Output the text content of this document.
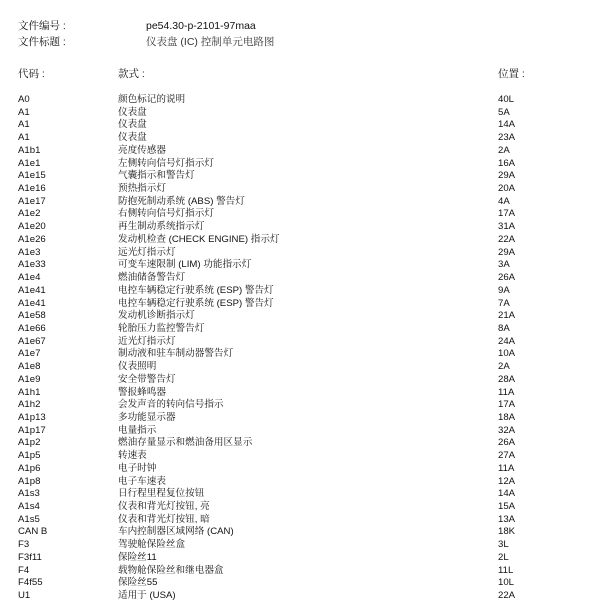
文件编号 :	pe54.30-p-2101-97maa
文件标题 :	仪表盘 (IC) 控制单元电路图
代码 :	款式 :	位置 :
A0	颜色标记的说明	40L
A1	仪表盘	5A
A1	仪表盘	14A
A1	仪表盘	23A
A1b1	亮度传感器	2A
A1e1	左侧转向信号灯指示灯	16A
A1e15	气囊指示和警告灯	29A
A1e16	预热指示灯	20A
A1e17	防抱死制动系统 (ABS) 警告灯	4A
A1e2	右侧转向信号灯指示灯	17A
A1e20	再生制动系统指示灯	31A
A1e26	发动机检查 (CHECK ENGINE) 指示灯	22A
A1e3	远光灯指示灯	29A
A1e33	可变车速限制 (LIM) 功能指示灯	3A
A1e4	燃油储备警告灯	26A
A1e41	电控车辆稳定行驶系统 (ESP) 警告灯	9A
A1e41	电控车辆稳定行驶系统 (ESP) 警告灯	7A
A1e58	发动机诊断指示灯	21A
A1e66	轮胎压力监控警告灯	8A
A1e67	近光灯指示灯	24A
A1e7	制动液和驻车制动器警告灯	10A
A1e8	仪表照明	2A
A1e9	安全带警告灯	28A
A1h1	警报蜂鸣器	11A
A1h2	会发声音的转向信号指示	17A
A1p13	多功能显示器	18A
A1p17	电量指示	32A
A1p2	燃油存量显示和燃油备用区显示	26A
A1p5	转速表	27A
A1p6	电子时钟	11A
A1p8	电子车速表	12A
A1s3	日行程里程复位按钮	14A
A1s4	仪表和背光灯按钮, 亮	15A
A1s5	仪表和背光灯按钮, 暗	13A
CAN B	车内控制器区域网络 (CAN)	18K
F3	驾驶舱保险丝盒	3L
F3f11	保险丝11	2L
F4	载物舱保险丝和继电器盒	11L
F4f55	保险丝55	10L
U1	适用于 (USA)	22A
